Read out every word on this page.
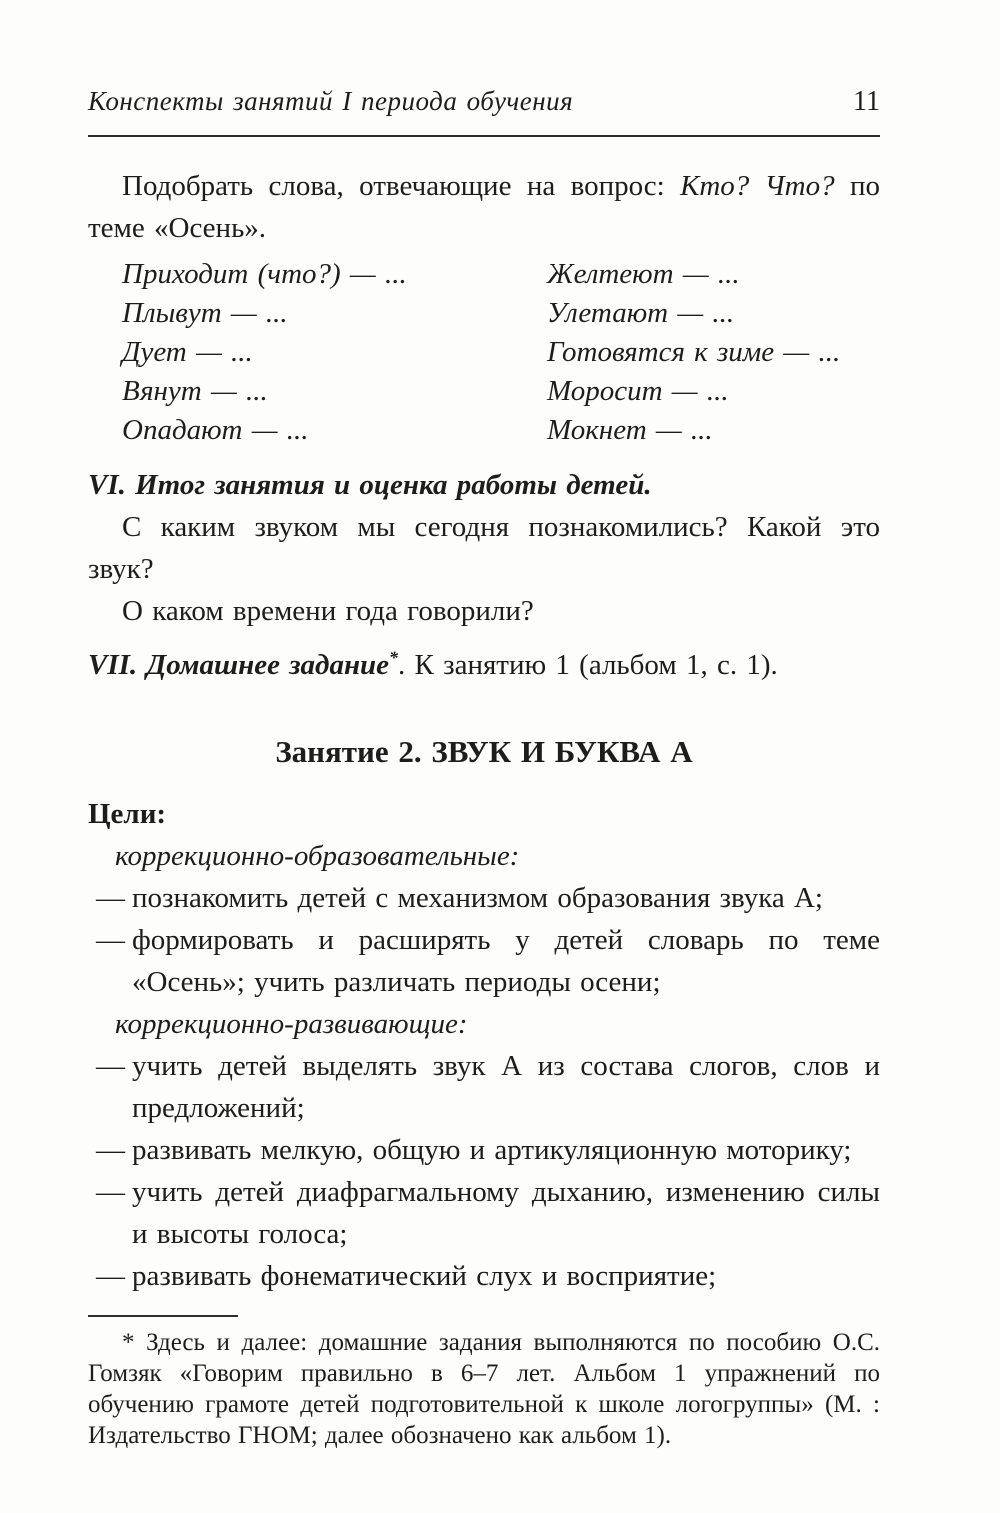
Конспекты занятий I периода обучения	11

Подобрать слова, отвечающие на вопрос: Кто? Что? по теме «Осень».

Приходит (что?) — ...	Желтеют — ...
Плывут — ...	Улетают — ...
Дует — ...	Готовятся к зиме — ...
Вянут — ...	Моросит — ...
Опадают — ...	Мокнет — ...

VI. Итог занятия и оценка работы детей.

С каким звуком мы сегодня познакомились? Какой это звук?

О каком времени года говорили?

VII. Домашнее задание*. К занятию 1 (альбом 1, с. 1).

Занятие 2. ЗВУК И БУКВА А

Цели:

коррекционно-образовательные:

— познакомить детей с механизмом образования звука А;
— формировать и расширять у детей словарь по теме «Осень»; учить различать периоды осени;

коррекционно-развивающие:

— учить детей выделять звук А из состава слогов, слов и предложений;
— развивать мелкую, общую и артикуляционную моторику;
— учить детей диафрагмальному дыханию, изменению силы и высоты голоса;
— развивать фонематический слух и восприятие;

* Здесь и далее: домашние задания выполняются по пособию О.С. Гомзяк «Говорим правильно в 6–7 лет. Альбом 1 упражнений по обучению грамоте детей подготовительной к школе логогруппы» (М. : Издательство ГНОМ; далее обозначено как альбом 1).
